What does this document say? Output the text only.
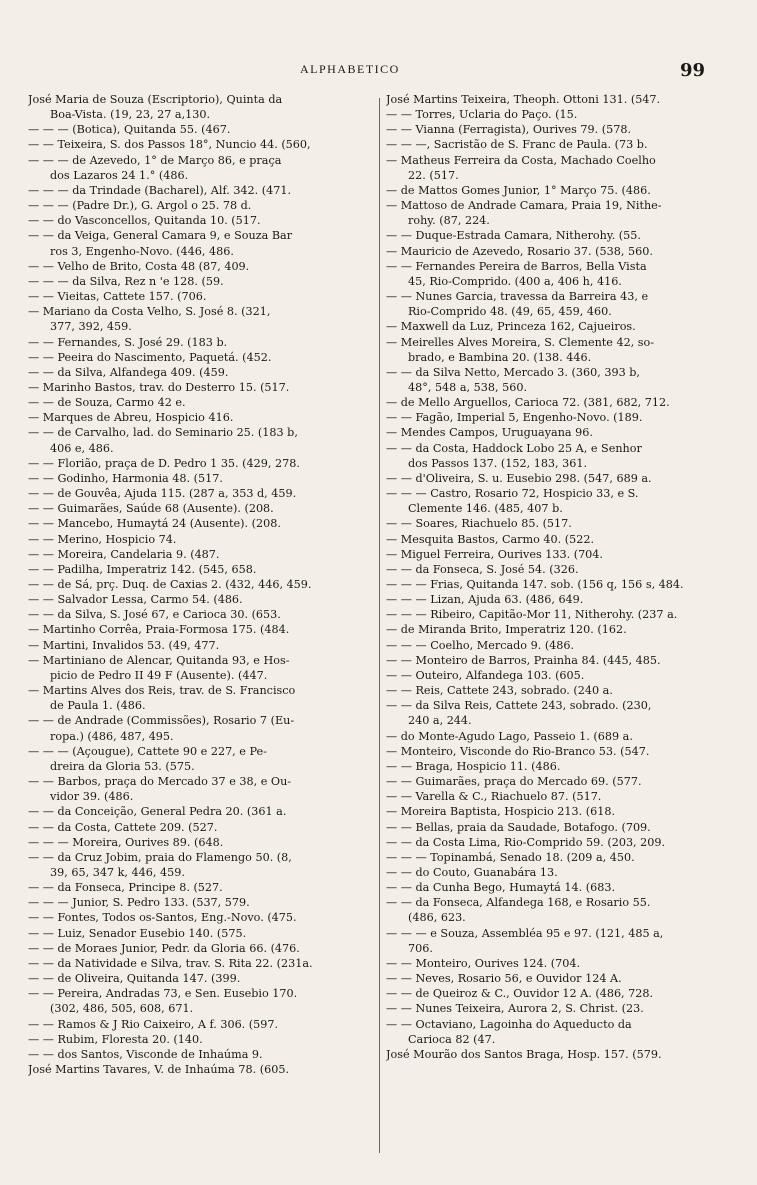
ALPHABETICO	99
José Maria de Souza (Escriptorio), Quinta da
Boa-Vista. (19, 23, 27 a,130.
— — — (Botica), Quitanda 55. (467.
— — Teixeira, S. dos Passos 18°, Nuncio 44. (560,
— — — de Azevedo, 1° de Março 86, e praça
dos Lazaros 24 1.° (486.
— — — da Trindade (Bacharel), Alf. 342. (471.
— — — (Padre Dr.), G. Argol o 25. 78 d.
— — do Vasconcellos, Quitanda 10. (517.
— — da Veiga, General Camara 9, e Souza Bar
ros 3, Engenho-Novo. (446, 486.
— — Velho de Brito, Costa 48 (87, 409.
— — — da Silva, Rez n 'e 128. (59.
— — Vieitas, Cattete 157. (706.
— Mariano da Costa Velho, S. José 8. (321,
377, 392, 459.
— — Fernandes, S. José 29. (183 b.
— — Peeira do Nascimento, Paquetá. (452.
— — da Silva, Alfandega 409. (459.
— Marinho Bastos, trav. do Desterro 15. (517.
— — de Souza, Carmo 42 e.
— Marques de Abreu, Hospicio 416.
— — de Carvalho, lad. do Seminario 25. (183 b,
406 e, 486.
— — Florião, praça de D. Pedro 1 35. (429, 278.
— — Godinho, Harmonia 48. (517.
— — de Gouvêa, Ajuda 115. (287 a, 353 d, 459.
— — Guimarães, Saúde 68 (Ausente). (208.
— — Mancebo, Humaytá 24 (Ausente). (208.
— — Merino, Hospicio 74.
— — Moreira, Candelaria 9. (487.
— — Padilha, Imperatriz 142. (545, 658.
— — de Sá, prç. Duq. de Caxias 2. (432, 446, 459.
— — Salvador Lessa, Carmo 54. (486.
— — da Silva, S. José 67, e Carioca 30. (653.
— Martinho Corrêa, Praia-Formosa 175. (484.
— Martini, Invalidos 53. (49, 477.
— Martiniano de Alencar, Quitanda 93, e Hos-
picio de Pedro II 49 F (Ausente). (447.
— Martins Alves dos Reis, trav. de S. Francisco
de Paula 1. (486.
— — de Andrade (Commissões), Rosario 7 (Eu-
ropa.) (486, 487, 495.
— — — (Açougue), Cattete 90 e 227, e Pe-
dreira da Gloria 53. (575.
— — Barbos, praça do Mercado 37 e 38, e Ou-
vidor 39. (486.
— — da Conceição, General Pedra 20. (361 a.
— — da Costa, Cattete 209. (527.
— — — Moreira, Ourives 89. (648.
— — da Cruz Jobim, praia do Flamengo 50. (8,
39, 65, 347 k, 446, 459.
— — da Fonseca, Principe 8. (527.
— — — Junior, S. Pedro 133. (537, 579.
— — Fontes, Todos os-Santos, Eng.-Novo. (475.
— — Luiz, Senador Eusebio 140. (575.
— — de Moraes Junior, Pedr. da Gloria 66. (476.
— — da Natividade e Silva, trav. S. Rita 22. (231a.
— — de Oliveira, Quitanda 147. (399.
— — Pereira, Andradas 73, e Sen. Eusebio 170.
(302, 486, 505, 608, 671.
— — Ramos & J Rio Caixeiro, A f. 306. (597.
— — Rubim, Floresta 20. (140.
— — dos Santos, Visconde de Inhaúma 9.
José Martins Tavares, V. de Inhaúma 78. (605.
José Martins Teixeira, Theoph. Ottoni 131. (547.
— — Torres, Uclaria do Paço. (15.
— — Vianna (Ferragista), Ourives 79. (578.
— — —, Sacristão de S. Franc de Paula. (73 b.
— Matheus Ferreira da Costa, Machado Coelho
22. (517.
— de Mattos Gomes Junior, 1° Março 75. (486.
— Mattoso de Andrade Camara, Praia 19, Nithe-
rohy. (87, 224.
— — Duque-Estrada Camara, Nitherohy. (55.
— Mauricio de Azevedo, Rosario 37. (538, 560.
— — Fernandes Pereira de Barros, Bella Vista
45, Rio-Comprido. (400 a, 406 h, 416.
— — Nunes Garcia, travessa da Barreira 43, e
Rio-Comprido 48. (49, 65, 459, 460.
— Maxwell da Luz, Princeza 162, Cajueiros.
— Meirelles Alves Moreira, S. Clemente 42, so-
brado, e Bambina 20. (138. 446.
— — da Silva Netto, Mercado 3. (360, 393 b,
48°, 548 a, 538, 560.
— de Mello Arguellos, Carioca 72. (381, 682, 712.
— — Fagão, Imperial 5, Engenho-Novo. (189.
— Mendes Campos, Uruguayana 96.
— — da Costa, Haddock Lobo 25 A, e Senhor
dos Passos 137. (152, 183, 361.
— — d'Oliveira, S. u. Eusebio 298. (547, 689 a.
— — — Castro, Rosario 72, Hospicio 33, e S.
Clemente 146. (485, 407 b.
— — Soares, Riachuelo 85. (517.
— Mesquita Bastos, Carmo 40. (522.
— Miguel Ferreira, Ourives 133. (704.
— — da Fonseca, S. José 54. (326.
— — — Frias, Quitanda 147. sob. (156 q, 156 s, 484.
— — — Lizan, Ajuda 63. (486, 649.
— — — Ribeiro, Capitão-Mor 11, Nitherohy. (237 a.
— de Miranda Brito, Imperatriz 120. (162.
— — — Coelho, Mercado 9. (486.
— — Monteiro de Barros, Prainha 84. (445, 485.
— — Outeiro, Alfandega 103. (605.
— — Reis, Cattete 243, sobrado. (240 a.
— — da Silva Reis, Cattete 243, sobrado. (230,
240 a, 244.
— do Monte-Agudo Lago, Passeio 1. (689 a.
— Monteiro, Visconde do Rio-Branco 53. (547.
— — Braga, Hospicio 11. (486.
— — Guimarães, praça do Mercado 69. (577.
— — Varella & C., Riachuelo 87. (517.
— Moreira Baptista, Hospicio 213. (618.
— — Bellas, praia da Saudade, Botafogo. (709.
— — da Costa Lima, Rio-Comprido 59. (203, 209.
— — — Topinambá, Senado 18. (209 a, 450.
— — do Couto, Guanabára 13.
— — da Cunha Bego, Humaytá 14. (683.
— — da Fonseca, Alfandega 168, e Rosario 55.
(486, 623.
— — — e Souza, Assembléa 95 e 97. (121, 485 a,
706.
— — Monteiro, Ourives 124. (704.
— — Neves, Rosario 56, e Ouvidor 124 A.
— — de Queiroz & C., Ouvidor 12 A. (486, 728.
— — Nunes Teixeira, Aurora 2, S. Christ. (23.
— — Octaviano, Lagoinha do Aqueducto da
Carioca 82 (47.
José Mourão dos Santos Braga, Hosp. 157. (579.
